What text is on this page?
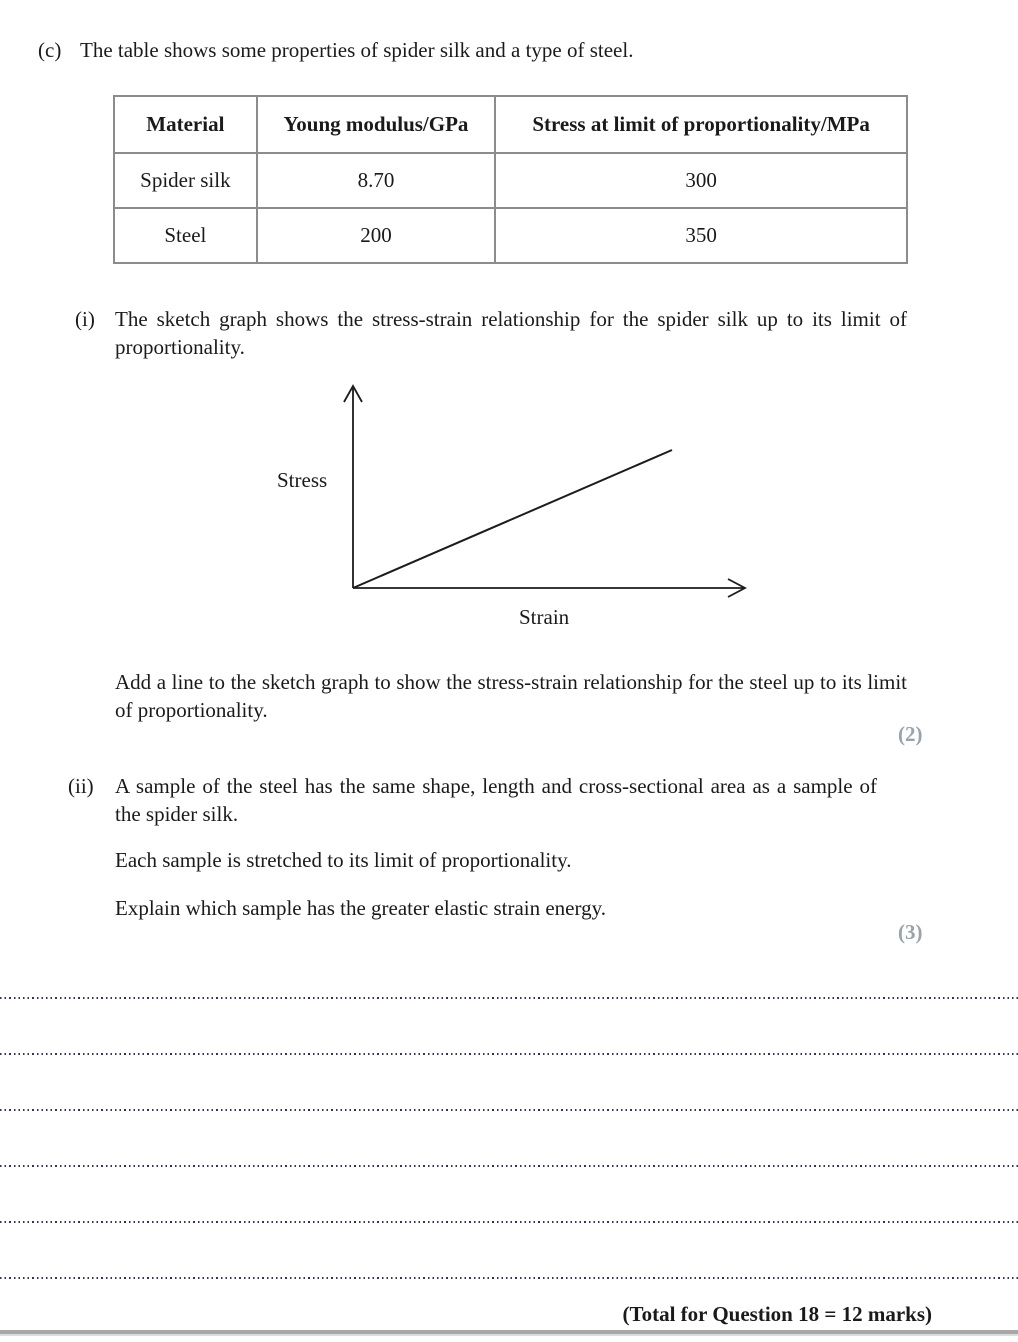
(c) The table shows some properties of spider silk and a type of steel.
Material	Young modulus/GPa	Stress at limit of proportionality/MPa
Spider silk	8.70	300
Steel	200	350
(i) The sketch graph shows the stress-strain relationship for the spider silk up to its limit of proportionality.
Stress
Strain
Add a line to the sketch graph to show the stress-strain relationship for the steel up to its limit of proportionality.
(2)
(ii) A sample of the steel has the same shape, length and cross-sectional area as a sample of the spider silk.
Each sample is stretched to its limit of proportionality.
Explain which sample has the greater elastic strain energy.
(3)
(Total for Question 18 = 12 marks)
